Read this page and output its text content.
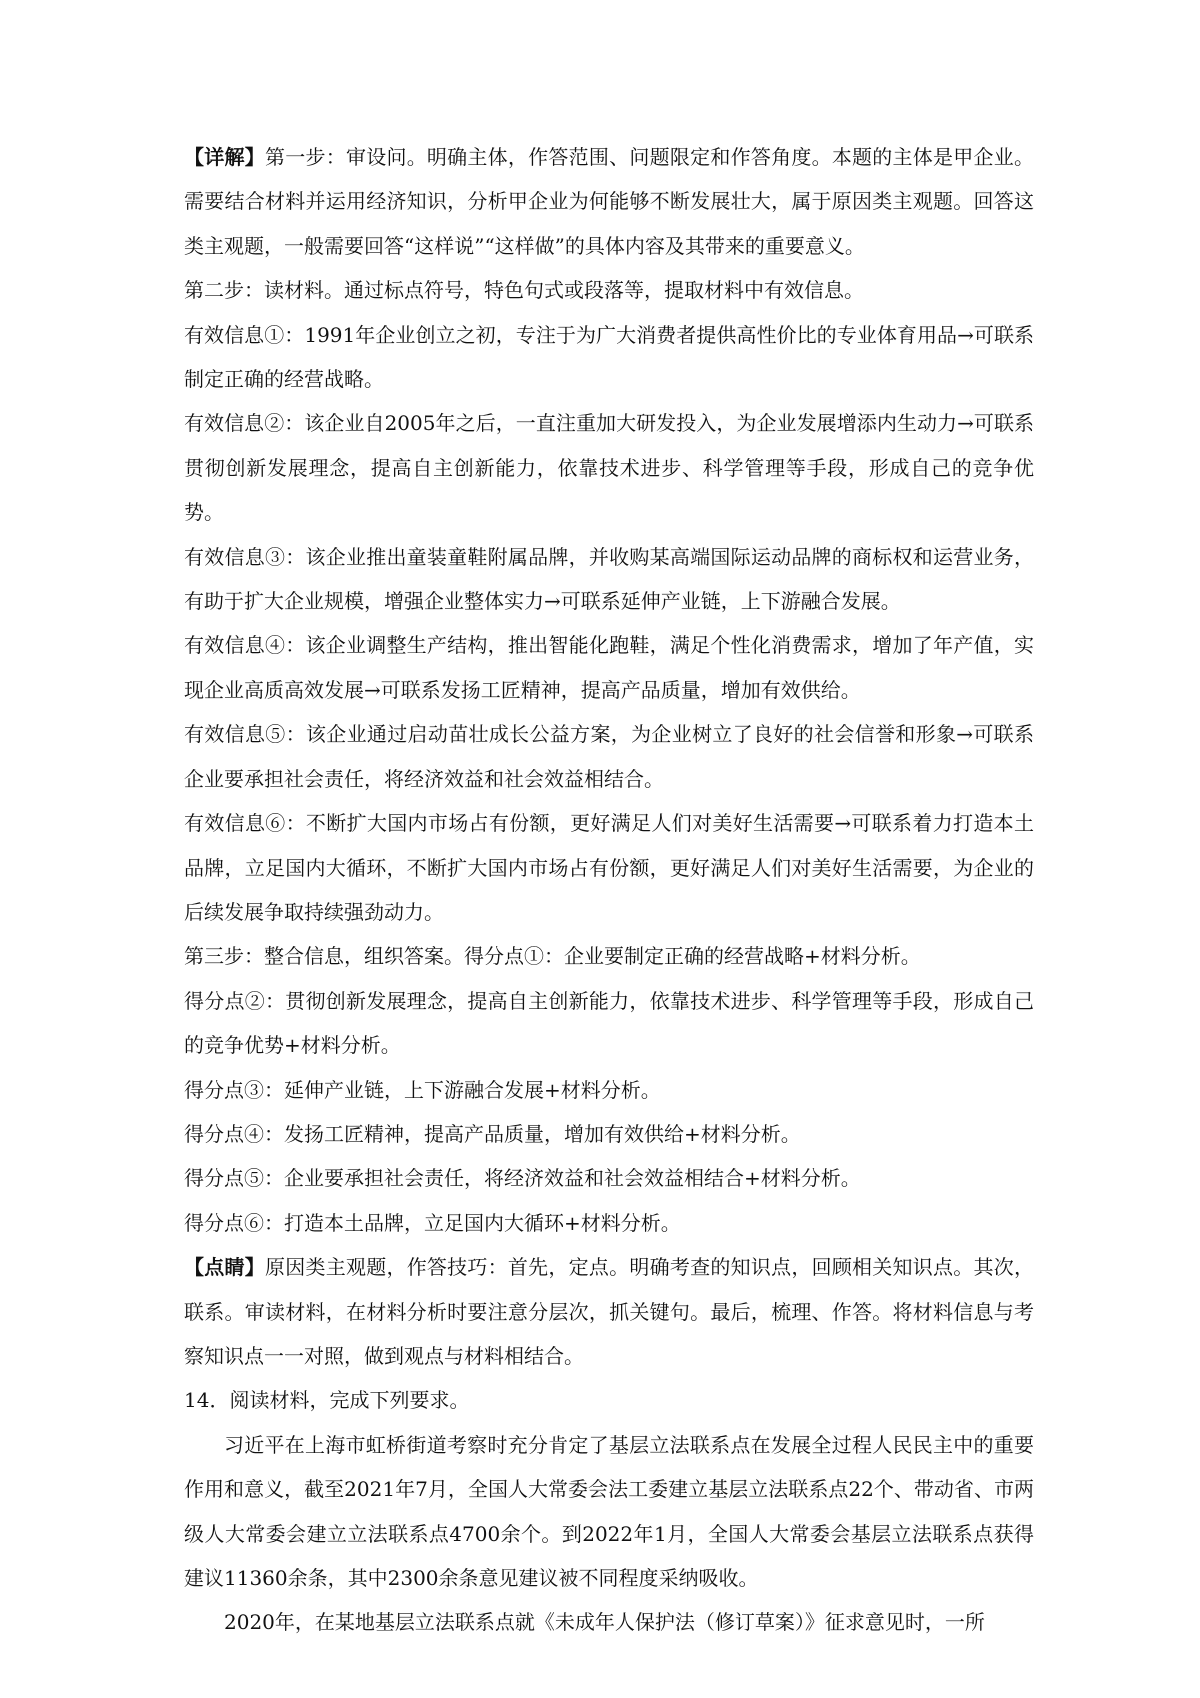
【详解】第一步：审设问。明确主体，作答范围、问题限定和作答角度。本题的主体是甲企业。需要结合材料并运用经济知识，分析甲企业为何能够不断发展壮大，属于原因类主观题。回答这类主观题，一般需要回答“这样说”“这样做”的具体内容及其带来的重要意义。

第二步：读材料。通过标点符号，特色句式或段落等，提取材料中有效信息。

有效信息①：1991年企业创立之初，专注于为广大消费者提供高性价比的专业体育用品→可联系制定正确的经营战略。

有效信息②：该企业自2005年之后，一直注重加大研发投入，为企业发展增添内生动力→可联系贯彻创新发展理念，提高自主创新能力，依靠技术进步、科学管理等手段，形成自己的竞争优势。

有效信息③：该企业推出童装童鞋附属品牌，并收购某高端国际运动品牌的商标权和运营业务，有助于扩大企业规模，增强企业整体实力→可联系延伸产业链，上下游融合发展。

有效信息④：该企业调整生产结构，推出智能化跑鞋，满足个性化消费需求，增加了年产值，实现企业高质高效发展→可联系发扬工匠精神，提高产品质量，增加有效供给。

有效信息⑤：该企业通过启动苗壮成长公益方案，为企业树立了良好的社会信誉和形象→可联系企业要承担社会责任，将经济效益和社会效益相结合。

有效信息⑥：不断扩大国内市场占有份额，更好满足人们对美好生活需要→可联系着力打造本土品牌，立足国内大循环，不断扩大国内市场占有份额，更好满足人们对美好生活需要，为企业的后续发展争取持续强劲动力。

第三步：整合信息，组织答案。得分点①：企业要制定正确的经营战略+材料分析。

得分点②：贯彻创新发展理念，提高自主创新能力，依靠技术进步、科学管理等手段，形成自己的竞争优势+材料分析。

得分点③：延伸产业链，上下游融合发展+材料分析。

得分点④：发扬工匠精神，提高产品质量，增加有效供给+材料分析。

得分点⑤：企业要承担社会责任，将经济效益和社会效益相结合+材料分析。

得分点⑥：打造本土品牌，立足国内大循环+材料分析。

【点睛】原因类主观题，作答技巧：首先，定点。明确考查的知识点，回顾相关知识点。其次，联系。审读材料，在材料分析时要注意分层次，抓关键句。最后，梳理、作答。将材料信息与考察知识点一一对照，做到观点与材料相结合。

14．阅读材料，完成下列要求。

习近平在上海市虹桥街道考察时充分肯定了基层立法联系点在发展全过程人民民主中的重要作用和意义，截至2021年7月，全国人大常委会法工委建立基层立法联系点22个、带动省、市两级人大常委会建立立法联系点4700余个。到2022年1月，全国人大常委会基层立法联系点获得建议11360余条，其中2300余条意见建议被不同程度采纳吸收。

2020年，在某地基层立法联系点就《未成年人保护法（修订草案）》征求意见时，一所
